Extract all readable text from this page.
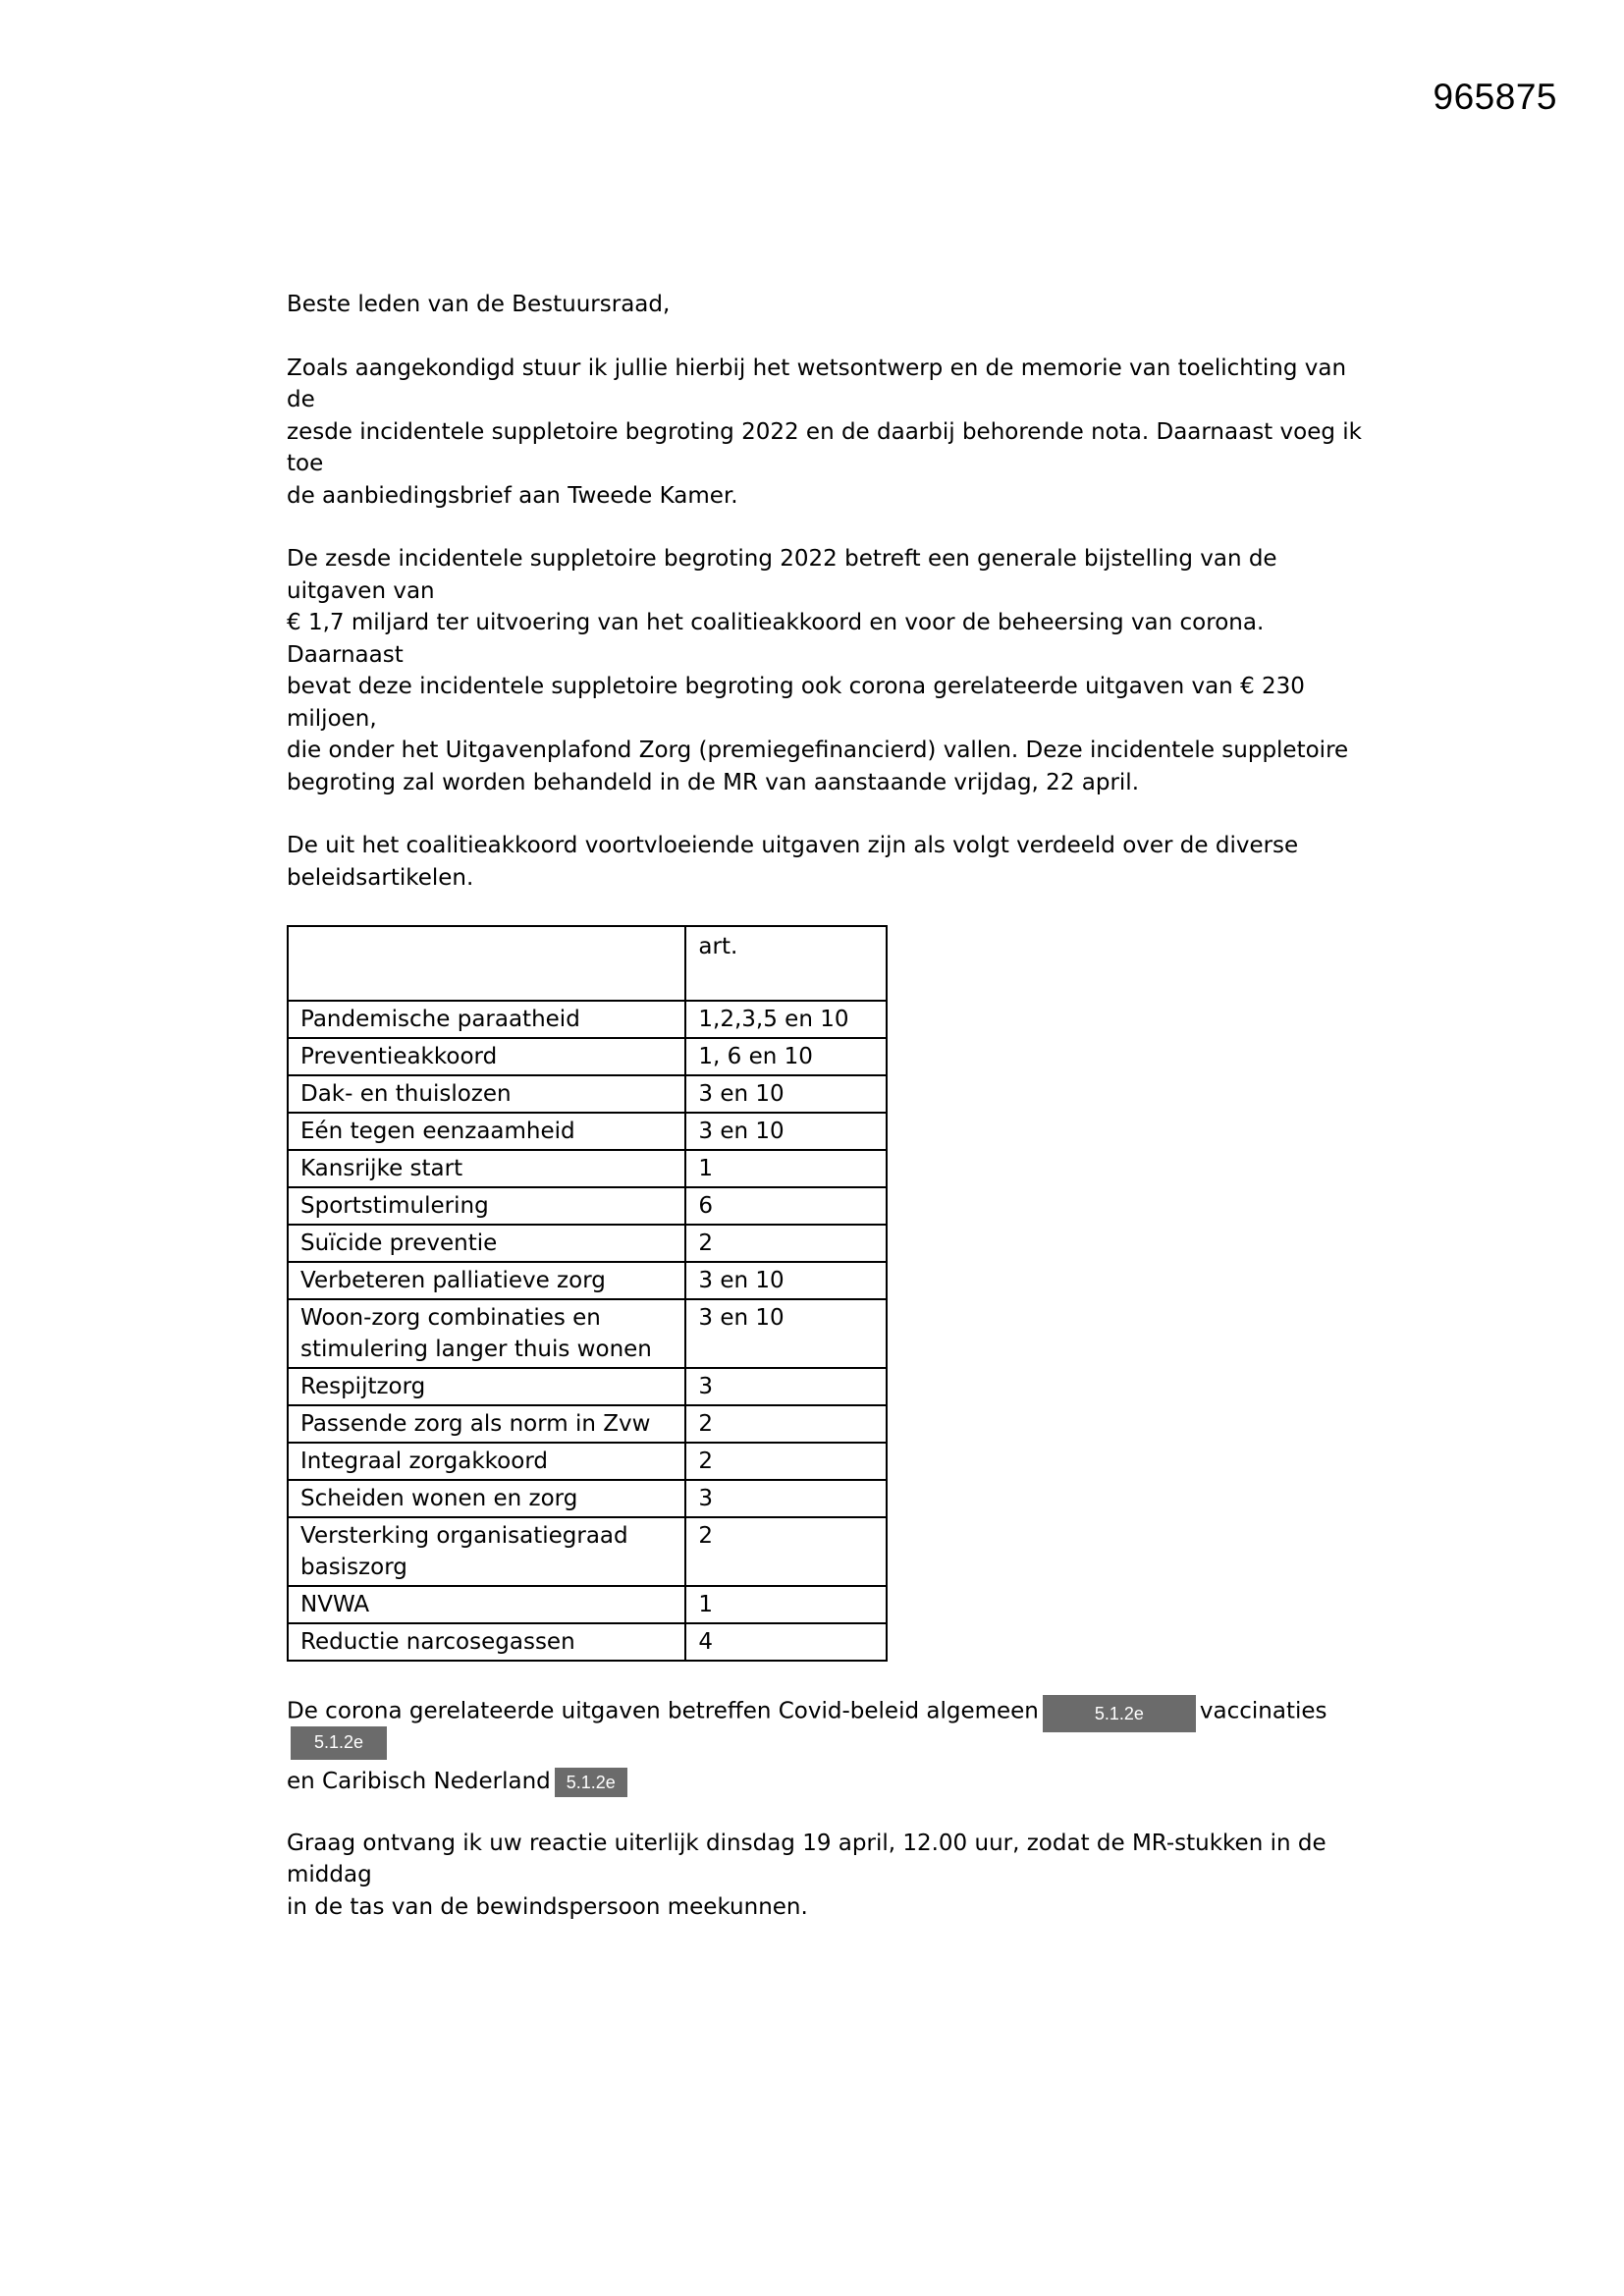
965875

Beste leden van de Bestuursraad,

Zoals aangekondigd stuur ik jullie hierbij het wetsontwerp en de memorie van toelichting van de
zesde incidentele suppletoire begroting 2022 en de daarbij behorende nota. Daarnaast voeg ik toe
de aanbiedingsbrief aan Tweede Kamer.

De zesde incidentele suppletoire begroting 2022 betreft een generale bijstelling van de uitgaven van
€ 1,7 miljard ter uitvoering van het coalitieakkoord en voor de beheersing van corona. Daarnaast
bevat deze incidentele suppletoire begroting ook corona gerelateerde uitgaven van € 230 miljoen,
die onder het Uitgavenplafond Zorg (premiegefinancierd) vallen. Deze incidentele suppletoire
begroting zal worden behandeld in de MR van aanstaande vrijdag, 22 april.

De uit het coalitieakkoord voortvloeiende uitgaven zijn als volgt verdeeld over de diverse
beleidsartikelen.

	art.
Pandemische paraatheid	1,2,3,5 en 10
Preventieakkoord	1, 6 en 10
Dak- en thuislozen	3 en 10
Eén tegen eenzaamheid	3 en 10
Kansrijke start	1
Sportstimulering	6
Suïcide preventie	2
Verbeteren palliatieve zorg	3 en 10
Woon-zorg combinaties en stimulering langer thuis wonen	3 en 10
Respijtzorg	3
Passende zorg als norm in Zvw	2
Integraal zorgakkoord	2
Scheiden wonen en zorg	3
Versterking organisatiegraad basiszorg	2
NVWA	1
Reductie narcosegassen	4

De corona gerelateerde uitgaven betreffen Covid-beleid algemeen	5.1.2e vaccinaties5.1.2e
en Caribisch Nederland 5.1.2e

Graag ontvang ik uw reactie uiterlijk dinsdag 19 april, 12.00 uur, zodat de MR-stukken in de middag
in de tas van de bewindspersoon meekunnen.
